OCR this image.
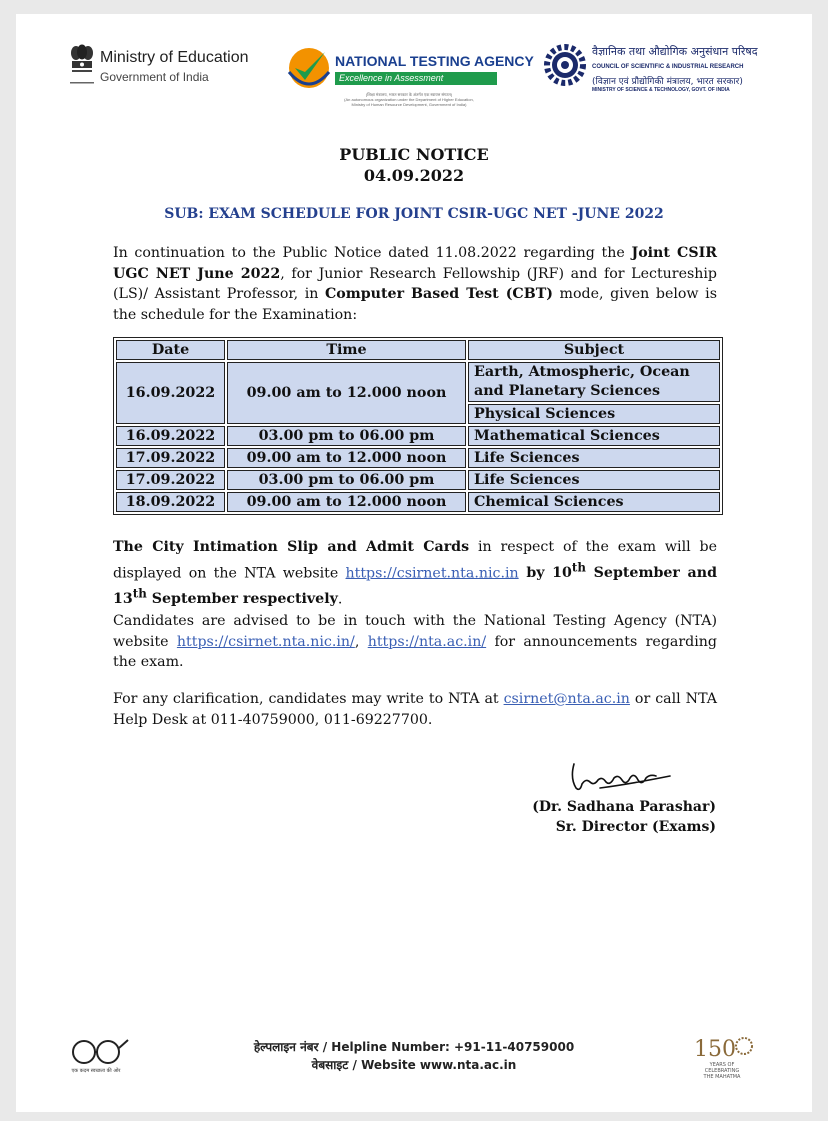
Ministry of Education
Government of India
NATIONAL TESTING AGENCY
Excellence in Assessment
(शिक्षा मंत्रालय, भारत सरकार के अंतर्गत एक स्वायत्त संगठन)
(An autonomous organization under the Department of Higher Education,
Ministry of Human Resource Development, Government of India)
वैज्ञानिक तथा औद्योगिक अनुसंधान परिषद
COUNCIL OF SCIENTIFIC & INDUSTRIAL RESEARCH
(विज्ञान एवं प्रौद्योगिकी मंत्रालय, भारत सरकार)
MINISTRY OF SCIENCE & TECHNOLOGY, GOVT. OF INDIA
PUBLIC NOTICE
04.09.2022
SUB: EXAM SCHEDULE FOR JOINT CSIR-UGC NET -JUNE 2022
In continuation to the Public Notice dated 11.08.2022 regarding the Joint CSIR UGC NET June 2022, for Junior Research Fellowship (JRF) and for Lectureship (LS)/ Assistant Professor, in Computer Based Test (CBT) mode, given below is the schedule for the Examination:
Date	Time	Subject
16.09.2022	09.00 am to 12.000 noon	Earth, Atmospheric, Ocean and Planetary Sciences
		Physical Sciences
16.09.2022	03.00 pm to 06.00 pm	Mathematical Sciences
17.09.2022	09.00 am to 12.000 noon	Life Sciences
17.09.2022	03.00 pm to 06.00 pm	Life Sciences
18.09.2022	09.00 am to 12.000 noon	Chemical Sciences
The City Intimation Slip and Admit Cards in respect of the exam will be displayed on the NTA website https://csirnet.nta.nic.in by 10th September and 13th September respectively.
Candidates are advised to be in touch with the National Testing Agency (NTA) website https://csirnet.nta.nic.in/, https://nta.ac.in/ for announcements regarding the exam.
For any clarification, candidates may write to NTA at csirnet@nta.ac.in or call NTA Help Desk at 011-40759000, 011-69227700.
(Dr. Sadhana Parashar)
Sr. Director (Exams)
एक कदम स्वच्छता की ओर
हेल्पलाइन नंबर / Helpline Number: +91-11-40759000
वेबसाइट / Website www.nta.ac.in
150
YEARS OF
CELEBRATING
THE MAHATMA
